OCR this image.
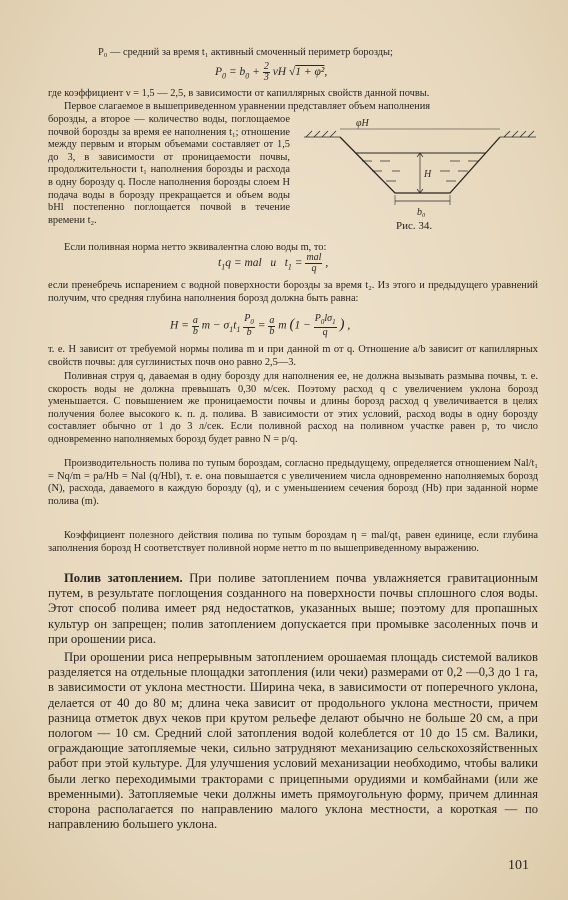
P₀ — средний за время t₁ активный смоченный периметр борозды;

$P_0 = b_0 + \frac{2}{3}$ νH √1 + φ²,

где коэффициент ν = 1,5 — 2,5, в зависимости от капиллярных свойств данной почвы.

Первое слагаемое в вышеприведенном уравнении представляет объем наполнения

борозды, а второе — количество воды, поглощаемое почвой борозды за время ее наполнения t₁; отношение между первым и вторым объемами составляет от 1,5 до 3, в зависимости от проницаемости почвы, продолжительности t₁ наполнения борозды и расхода в одну борозду q. После наполнения борозды слоем H подача воды в борозду прекращается и объем воды bHl постепенно поглощается почвой в течение времени t₂.

φH
H
b₀
Рис. 34.

Если поливная норма нетто эквивалентна слою воды m, то:

$t_1q$ = mal   и   $t_1 = \frac{\text{mal}}{q}$ ,

если пренебречь испарением с водной поверхности борозды за время t₂. Из этого и предыдущего уравнений получим, что средняя глубина наполнения борозд должна быть равна:

$H = \frac{a}{b}$ $m - \sigma_1t_1 \frac{P_0}{b} = \frac{a}{b}$ m ($1 - \frac{P_0l\sigma_1}{q}$ ) ,

т. е. H зависит от требуемой нормы полива m и при данной m от q. Отношение a/b зависит от капиллярных свойств почвы: для суглинистых почв оно равно 2,5—3.

Поливная струя q, даваемая в одну борозду для наполнения ее, не должна вызывать размыва почвы, т. е. скорость воды не должна превышать 0,30 м/сек. Поэтому расход q с увеличением уклона борозд уменьшается. С повышением же проницаемости почвы и длины борозд расход q увеличивается в целях получения более высокого к. п. д. полива. В зависимости от этих условий, расход воды в одну борозду составляет обычно от 1 до 3 л/сек. Если поливной расход на поливном участке равен p, то число одновременно наполняемых борозд будет равно N = p/q.

Производительность полива по тупым бороздам, согласно предыдущему, определяется отношением Nal/t₁ = Nq/m = pa/Hb = Nal (q/Hbl), т. е. она повышается с увеличением числа одновременно наполняемых борозд (N), расхода, даваемого в каждую борозду (q), и с уменьшением сечения борозд (Hb) при заданной норме полива (m).

Коэффициент полезного действия полива по тупым бороздам η = mal/qt₁ равен единице, если глубина заполнения борозд H соответствует поливной норме нетто m по вышеприведенному выражению.

Полив затоплением. При поливе затоплением почва увлажняется гравитационным путем, в результате поглощения созданного на поверхности почвы сплошного слоя воды. Этот способ полива имеет ряд недостатков, указанных выше; поэтому для пропашных культур он запрещен; полив затоплением допускается при промывке засоленных почв и при орошении риса.

При орошении риса непрерывным затоплением орошаемая площадь системой валиков разделяется на отдельные площадки затопления (или чеки) размерами от 0,2 —0,3 до 1 га, в зависимости от уклона местности. Ширина чека, в зависимости от поперечного уклона, делается от 40 до 80 м; длина чека зависит от продольного уклона местности, причем разница отметок двух чеков при крутом рельефе делают обычно не больше 20 см, а при пологом — 10 см. Средний слой затопления водой колеблется от 10 до 15 см. Валики, ограждающие затопляемые чеки, сильно затрудняют механизацию сельскохозяйственных работ при этой культуре. Для улучшения условий механизации необходимо, чтобы валики были легко переходимыми тракторами с прицепными орудиями и комбайнами (или же временными). Затопляемые чеки должны иметь прямоугольную форму, причем длинная сторона располагается по направлению малого уклона местности, а короткая — по направлению большего уклона.

101
